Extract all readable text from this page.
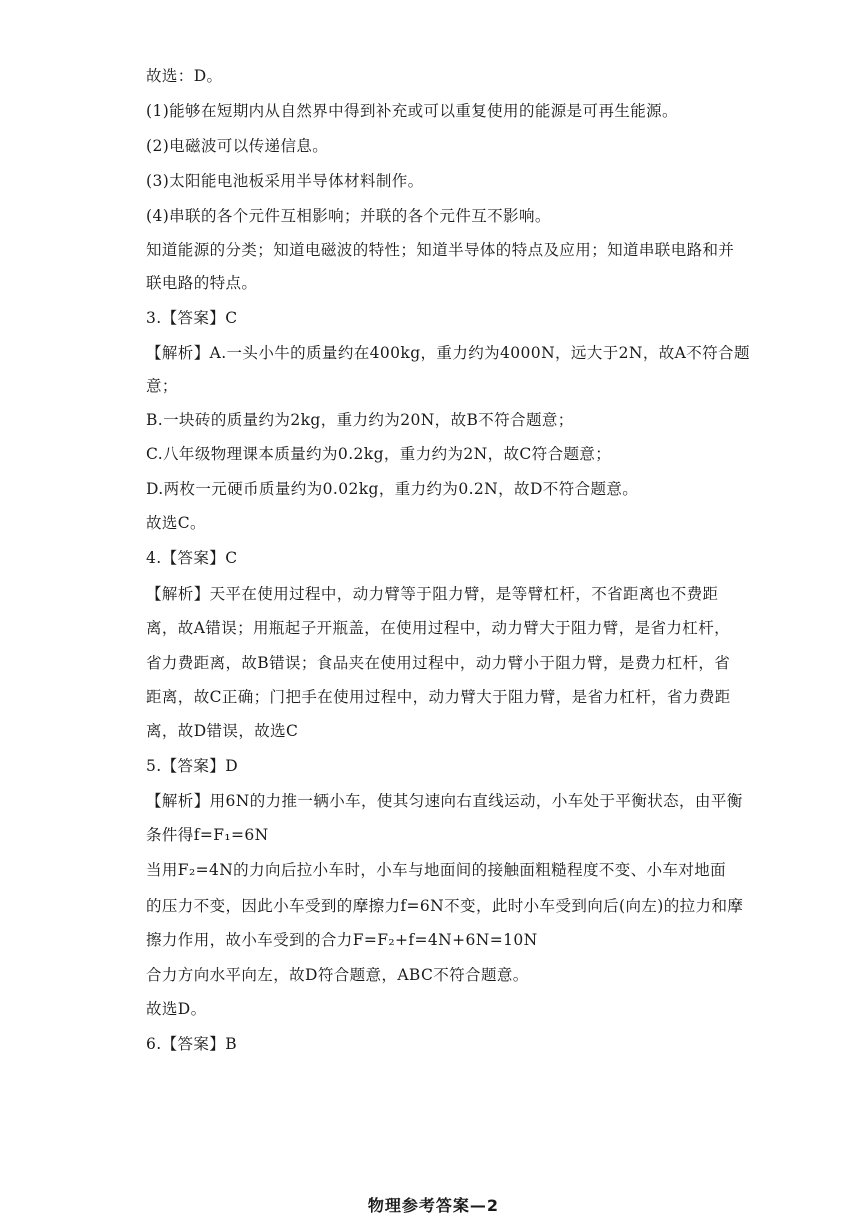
故选：D。
(1)能够在短期内从自然界中得到补充或可以重复使用的能源是可再生能源。
(2)电磁波可以传递信息。
(3)太阳能电池板采用半导体材料制作。
(4)串联的各个元件互相影响；并联的各个元件互不影响。
知道能源的分类；知道电磁波的特性；知道半导体的特点及应用；知道串联电路和并
联电路的特点。
3.【答案】C
【解析】A.一头小牛的质量约在400kg，重力约为4000N，远大于2N，故A不符合题
意；
B.一块砖的质量约为2kg，重力约为20N，故B不符合题意；
C.八年级物理课本质量约为0.2kg，重力约为2N，故C符合题意；
D.两枚一元硬币质量约为0.02kg，重力约为0.2N，故D不符合题意。
故选C。
4.【答案】C
【解析】天平在使用过程中，动力臂等于阻力臂，是等臂杠杆，不省距离也不费距
离，故A错误；用瓶起子开瓶盖，在使用过程中，动力臂大于阻力臂，是省力杠杆，
省力费距离，故B错误；食品夹在使用过程中，动力臂小于阻力臂，是费力杠杆，省
距离，故C正确；门把手在使用过程中，动力臂大于阻力臂，是省力杠杆，省力费距
离，故D错误，故选C
5.【答案】D
【解析】用6N的力推一辆小车，使其匀速向右直线运动，小车处于平衡状态，由平衡
条件得f=F₁=6N
当用F₂=4N的力向后拉小车时，小车与地面间的接触面粗糙程度不变、小车对地面
的压力不变，因此小车受到的摩擦力f=6N不变，此时小车受到向后(向左)的拉力和摩
擦力作用，故小车受到的合力F=F₂+f=4N+6N=10N
合力方向水平向左，故D符合题意，ABC不符合题意。
故选D。
6.【答案】B
物理参考答案—2
